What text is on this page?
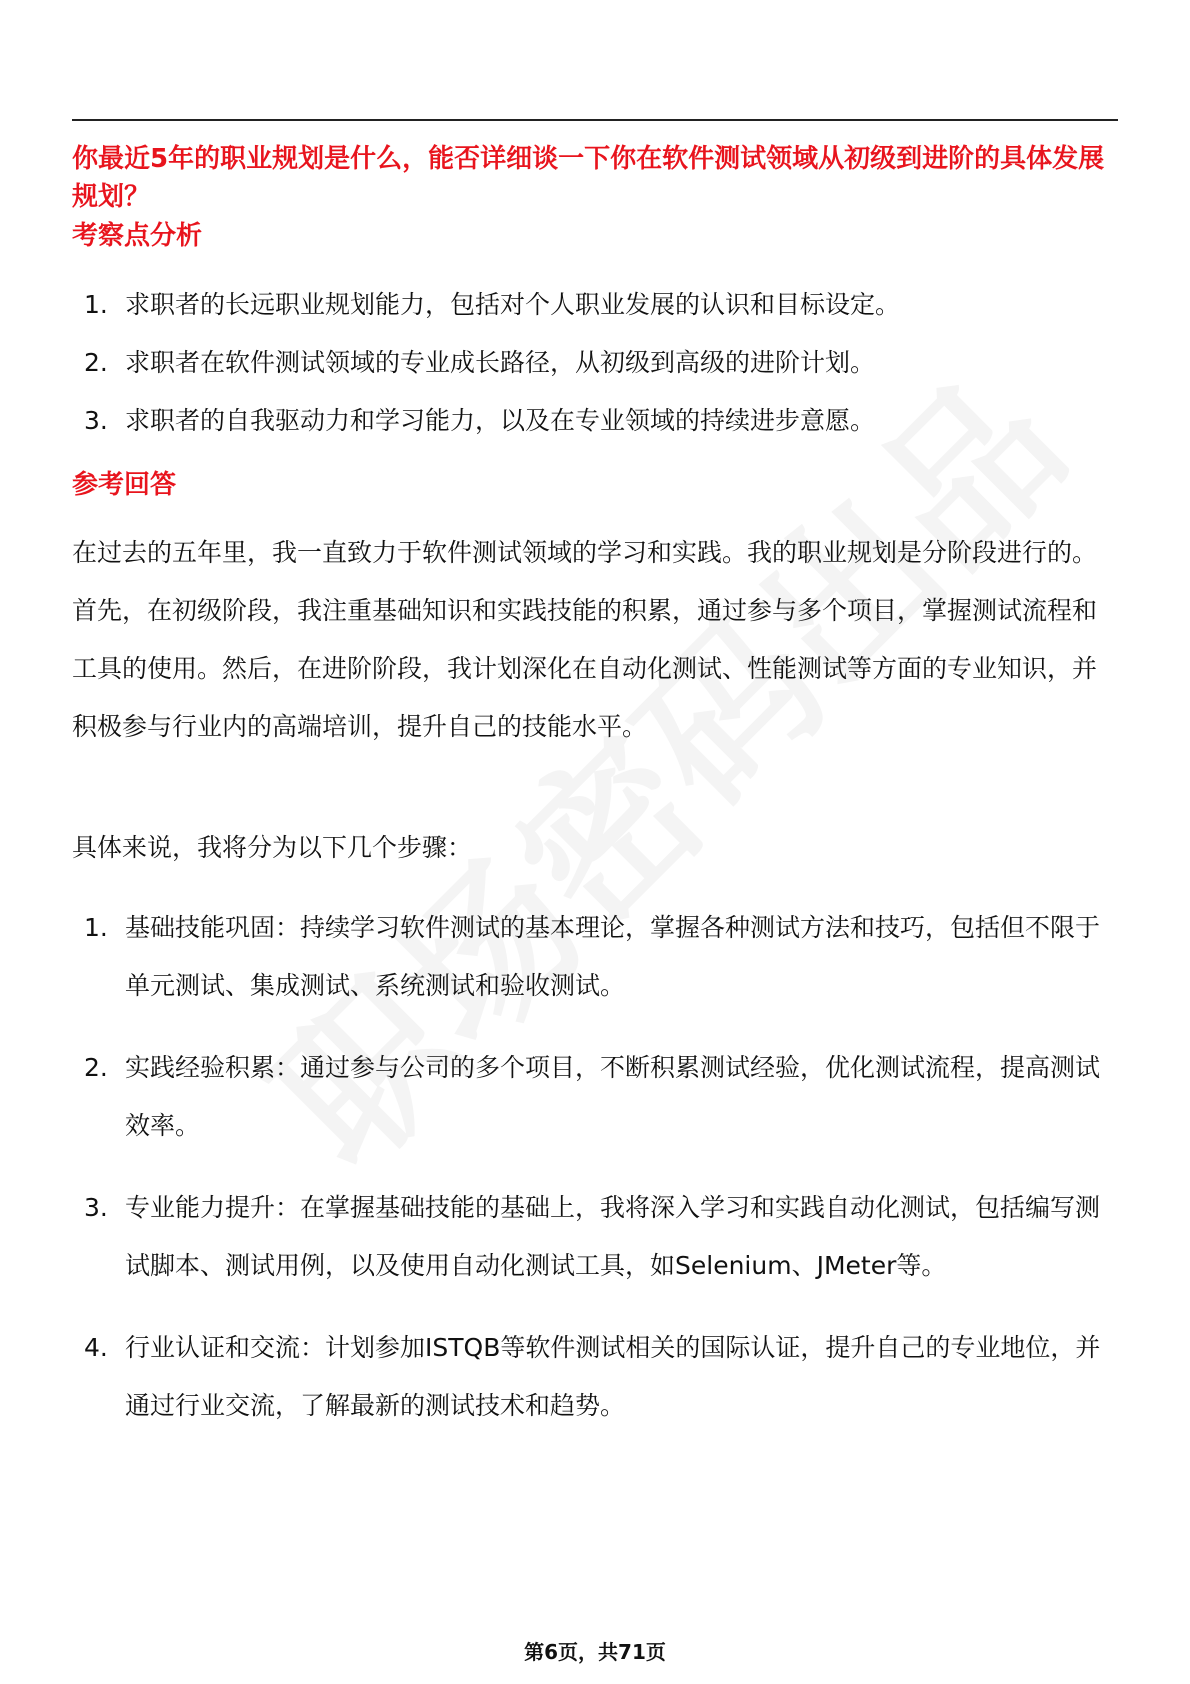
你最近5年的职业规划是什么，能否详细谈一下你在软件测试领域从初级到进阶的具体发展规划？

考察点分析
1. 求职者的长远职业规划能力，包括对个人职业发展的认识和目标设定。
2. 求职者在软件测试领域的专业成长路径，从初级到高级的进阶计划。
3. 求职者的自我驱动力和学习能力，以及在专业领域的持续进步意愿。
参考回答

在过去的五年里，我一直致力于软件测试领域的学习和实践。我的职业规划是分阶段进行的。首先，在初级阶段，我注重基础知识和实践技能的积累，通过参与多个项目，掌握测试流程和工具的使用。然后，在进阶阶段，我计划深化在自动化测试、性能测试等方面的专业知识，并积极参与行业内的高端培训，提升自己的技能水平。

具体来说，我将分为以下几个步骤：

1. 基础技能巩固：持续学习软件测试的基本理论，掌握各种测试方法和技巧，包括但不限于单元测试、集成测试、系统测试和验收测试。
2. 实践经验积累：通过参与公司的多个项目，不断积累测试经验，优化测试流程，提高测试效率。
3. 专业能力提升：在掌握基础技能的基础上，我将深入学习和实践自动化测试，包括编写测试脚本、测试用例，以及使用自动化测试工具，如Selenium、JMeter等。
4. 行业认证和交流：计划参加ISTQB等软件测试相关的国际认证，提升自己的专业地位，并通过行业交流，了解最新的测试技术和趋势。
第6页，共71页
